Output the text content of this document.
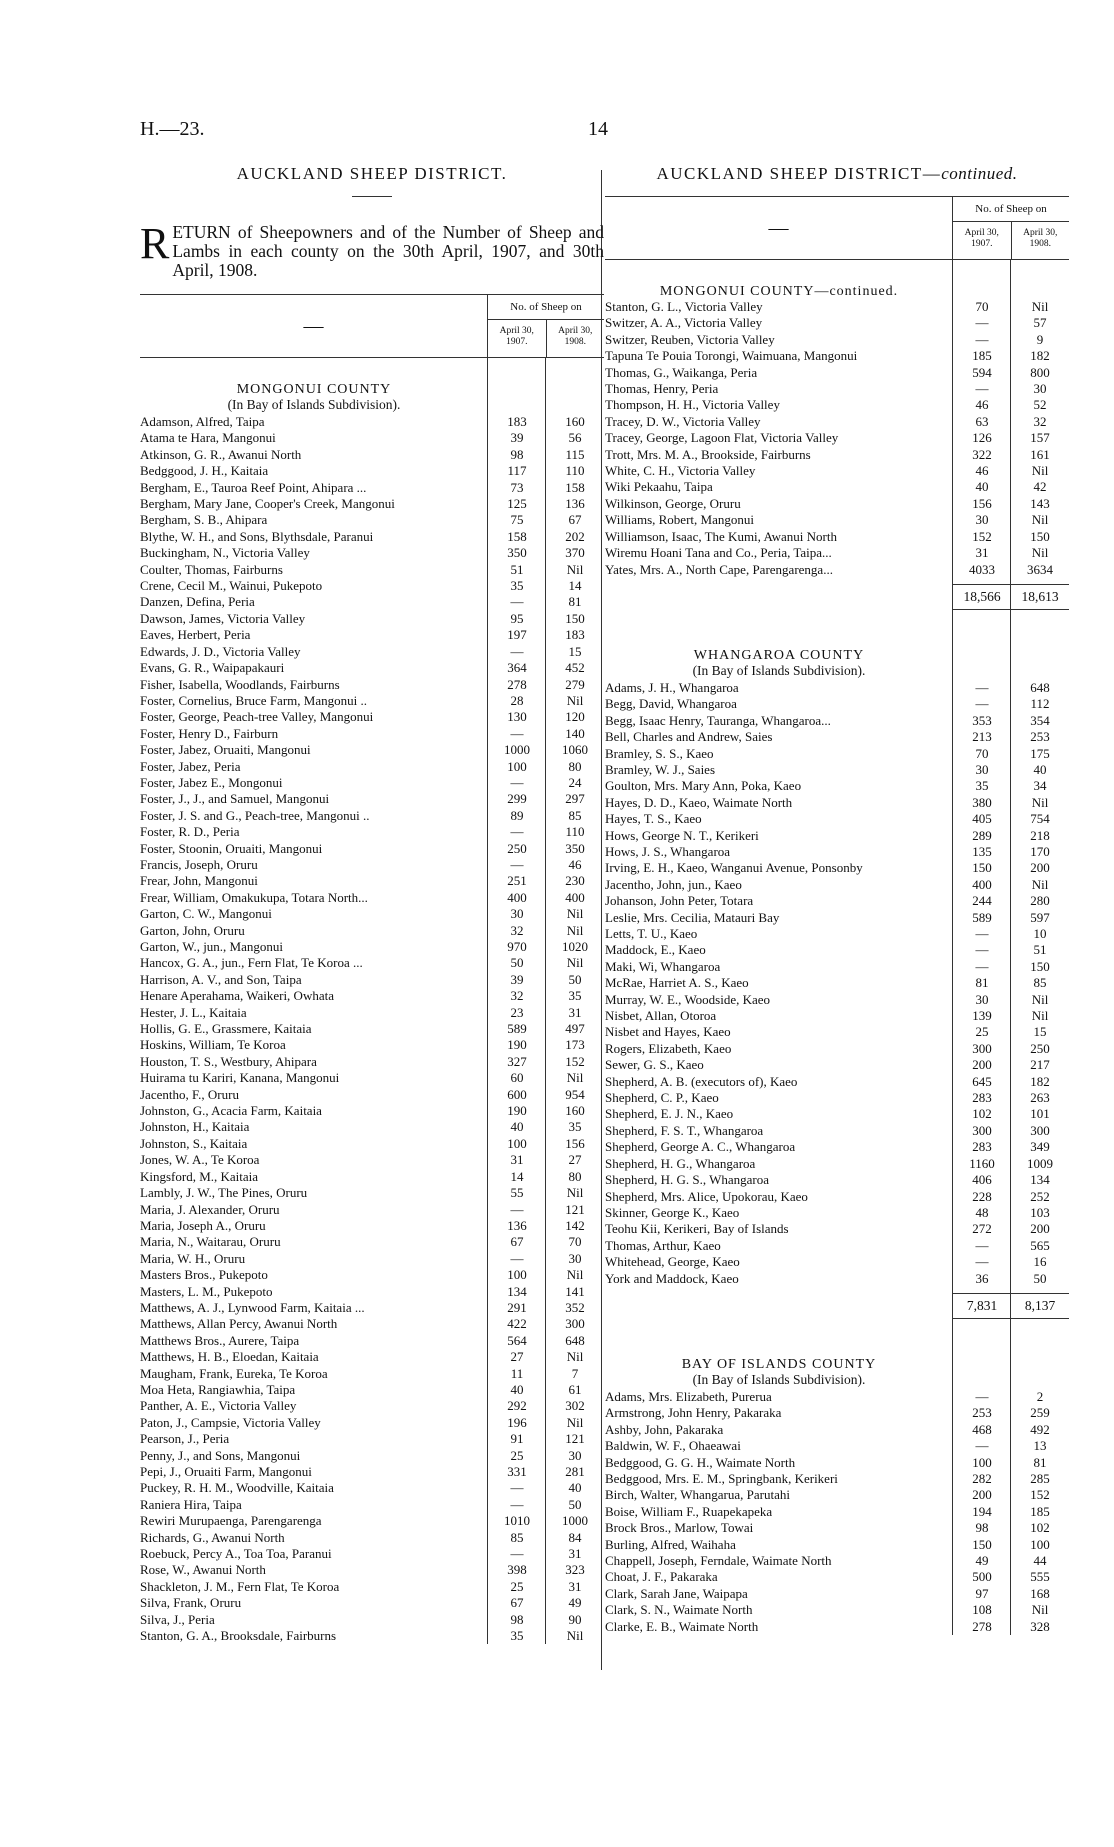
H.—23.	14
AUCKLAND SHEEP DISTRICT.
RETURN of Sheepowners and of the Number of Sheep and Lambs in each county on the 30th April, 1907, and 30th April, 1908.
—
No. of Sheep on
April 30, 1907.
April 30, 1908.
MONGONUI COUNTY
(In Bay of Islands Subdivision).
Adamson, Alfred, Taipa	183	160
Atama te Hara, Mangonui	39	56
Atkinson, G. R., Awanui North	98	115
Bedggood, J. H., Kaitaia	117	110
Bergham, E., Tauroa Reef Point, Ahipara ...	73	158
Bergham, Mary Jane, Cooper's Creek, Mangonui	125	136
Bergham, S. B., Ahipara	75	67
Blythe, W. H., and Sons, Blythsdale, Paranui	158	202
Buckingham, N., Victoria Valley	350	370
Coulter, Thomas, Fairburns	51	Nil
Crene, Cecil M., Wainui, Pukepoto	35	14
Danzen, Defina, Peria	—	81
Dawson, James, Victoria Valley	95	150
Eaves, Herbert, Peria	197	183
Edwards, J. D., Victoria Valley	—	15
Evans, G. R., Waipapakauri	364	452
Fisher, Isabella, Woodlands, Fairburns	278	279
Foster, Cornelius, Bruce Farm, Mangonui ..	28	Nil
Foster, George, Peach-tree Valley, Mangonui	130	120
Foster, Henry D., Fairburn	—	140
Foster, Jabez, Oruaiti, Mangonui	1000	1060
Foster, Jabez, Peria	100	80
Foster, Jabez E., Mongonui	—	24
Foster, J., J., and Samuel, Mangonui	299	297
Foster, J. S. and G., Peach-tree, Mangonui ..	89	85
Foster, R. D., Peria	—	110
Foster, Stoonin, Oruaiti, Mangonui	250	350
Francis, Joseph, Oruru	—	46
Frear, John, Mangonui	251	230
Frear, William, Omakukupa, Totara North...	400	400
Garton, C. W., Mangonui	30	Nil
Garton, John, Oruru	32	Nil
Garton, W., jun., Mangonui	970	1020
Hancox, G. A., jun., Fern Flat, Te Koroa ...	50	Nil
Harrison, A. V., and Son, Taipa	39	50
Henare Aperahama, Waikeri, Owhata	32	35
Hester, J. L., Kaitaia	23	31
Hollis, G. E., Grassmere, Kaitaia	589	497
Hoskins, William, Te Koroa	190	173
Houston, T. S., Westbury, Ahipara	327	152
Huirama tu Kariri, Kanana, Mangonui	60	Nil
Jacentho, F., Oruru	600	954
Johnston, G., Acacia Farm, Kaitaia	190	160
Johnston, H., Kaitaia	40	35
Johnston, S., Kaitaia	100	156
Jones, W. A., Te Koroa	31	27
Kingsford, M., Kaitaia	14	80
Lambly, J. W., The Pines, Oruru	55	Nil
Maria, J. Alexander, Oruru	—	121
Maria, Joseph A., Oruru	136	142
Maria, N., Waitarau, Oruru	67	70
Maria, W. H., Oruru	—	30
Masters Bros., Pukepoto	100	Nil
Masters, L. M., Pukepoto	134	141
Matthews, A. J., Lynwood Farm, Kaitaia ...	291	352
Matthews, Allan Percy, Awanui North	422	300
Matthews Bros., Aurere, Taipa	564	648
Matthews, H. B., Eloedan, Kaitaia	27	Nil
Maugham, Frank, Eureka, Te Koroa	11	7
Moa Heta, Rangiawhia, Taipa	40	61
Panther, A. E., Victoria Valley	292	302
Paton, J., Campsie, Victoria Valley	196	Nil
Pearson, J., Peria	91	121
Penny, J., and Sons, Mangonui	25	30
Pepi, J., Oruaiti Farm, Mangonui	331	281
Puckey, R. H. M., Woodville, Kaitaia	—	40
Raniera Hira, Taipa	—	50
Rewiri Murupaenga, Parengarenga	1010	1000
Richards, G., Awanui North	85	84
Roebuck, Percy A., Toa Toa, Paranui	—	31
Rose, W., Awanui North	398	323
Shackleton, J. M., Fern Flat, Te Koroa	25	31
Silva, Frank, Oruru	67	49
Silva, J., Peria	98	90
Stanton, G. A., Brooksdale, Fairburns	35	Nil
AUCKLAND SHEEP DISTRICT—continued.
—
No. of Sheep on
April 30, 1907.
April 30, 1908.
MONGONUI COUNTY—continued.
Stanton, G. L., Victoria Valley	70	Nil
Switzer, A. A., Victoria Valley	—	57
Switzer, Reuben, Victoria Valley	—	9
Tapuna Te Pouia Torongi, Waimuana, Mangonui	185	182
Thomas, G., Waikanga, Peria	594	800
Thomas, Henry, Peria	—	30
Thompson, H. H., Victoria Valley	46	52
Tracey, D. W., Victoria Valley	63	32
Tracey, George, Lagoon Flat, Victoria Valley	126	157
Trott, Mrs. M. A., Brookside, Fairburns	322	161
White, C. H., Victoria Valley	46	Nil
Wiki Pekaahu, Taipa	40	42
Wilkinson, George, Oruru	156	143
Williams, Robert, Mangonui	30	Nil
Williamson, Isaac, The Kumi, Awanui North	152	150
Wiremu Hoani Tana and Co., Peria, Taipa...	31	Nil
Yates, Mrs. A., North Cape, Parengarenga...	4033	3634
18,566	18,613
WHANGAROA COUNTY
(In Bay of Islands Subdivision).
Adams, J. H., Whangaroa	—	648
Begg, David, Whangaroa	—	112
Begg, Isaac Henry, Tauranga, Whangaroa...	353	354
Bell, Charles and Andrew, Saies	213	253
Bramley, S. S., Kaeo	70	175
Bramley, W. J., Saies	30	40
Goulton, Mrs. Mary Ann, Poka, Kaeo	35	34
Hayes, D. D., Kaeo, Waimate North	380	Nil
Hayes, T. S., Kaeo	405	754
Hows, George N. T., Kerikeri	289	218
Hows, J. S., Whangaroa	135	170
Irving, E. H., Kaeo, Wanganui Avenue, Ponsonby	150	200
Jacentho, John, jun., Kaeo	400	Nil
Johanson, John Peter, Totara	244	280
Leslie, Mrs. Cecilia, Matauri Bay	589	597
Letts, T. U., Kaeo	—	10
Maddock, E., Kaeo	—	51
Maki, Wi, Whangaroa	—	150
McRae, Harriet A. S., Kaeo	81	85
Murray, W. E., Woodside, Kaeo	30	Nil
Nisbet, Allan, Otoroa	139	Nil
Nisbet and Hayes, Kaeo	25	15
Rogers, Elizabeth, Kaeo	300	250
Sewer, G. S., Kaeo	200	217
Shepherd, A. B. (executors of), Kaeo	645	182
Shepherd, C. P., Kaeo	283	263
Shepherd, E. J. N., Kaeo	102	101
Shepherd, F. S. T., Whangaroa	300	300
Shepherd, George A. C., Whangaroa	283	349
Shepherd, H. G., Whangaroa	1160	1009
Shepherd, H. G. S., Whangaroa	406	134
Shepherd, Mrs. Alice, Upokorau, Kaeo	228	252
Skinner, George K., Kaeo	48	103
Teohu Kii, Kerikeri, Bay of Islands	272	200
Thomas, Arthur, Kaeo	—	565
Whitehead, George, Kaeo	—	16
York and Maddock, Kaeo	36	50
7,831	8,137
BAY OF ISLANDS COUNTY
(In Bay of Islands Subdivision).
Adams, Mrs. Elizabeth, Purerua	—	2
Armstrong, John Henry, Pakaraka	253	259
Ashby, John, Pakaraka	468	492
Baldwin, W. F., Ohaeawai	—	13
Bedggood, G. G. H., Waimate North	100	81
Bedggood, Mrs. E. M., Springbank, Kerikeri	282	285
Birch, Walter, Whangarua, Parutahi	200	152
Boise, William F., Ruapekapeka	194	185
Brock Bros., Marlow, Towai	98	102
Burling, Alfred, Waihaha	150	100
Chappell, Joseph, Ferndale, Waimate North	49	44
Choat, J. F., Pakaraka	500	555
Clark, Sarah Jane, Waipapa	97	168
Clark, S. N., Waimate North	108	Nil
Clarke, E. B., Waimate North	278	328
